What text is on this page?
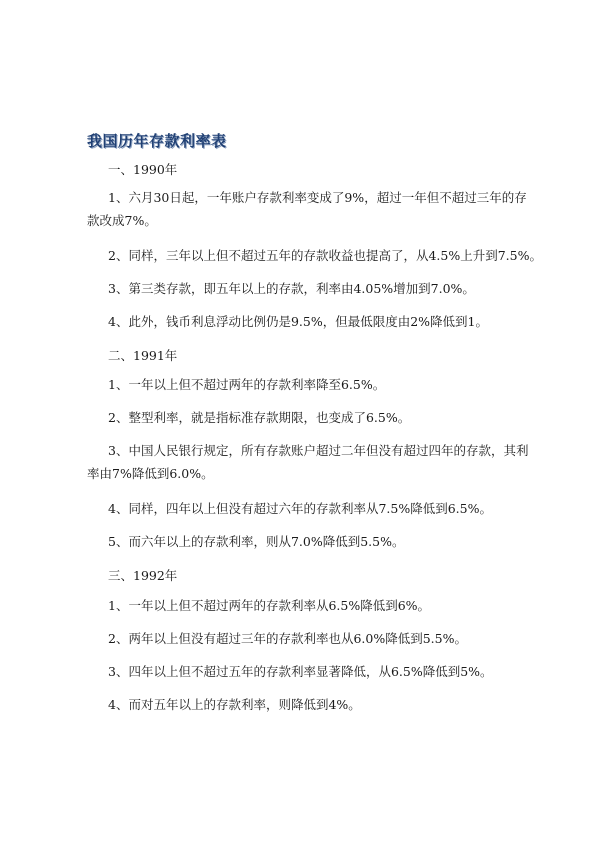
我国历年存款利率表

一、1990年

1、六月30日起，一年账户存款利率变成了9%，超过一年但不超过三年的存
款改成7%。
2、同样，三年以上但不超过五年的存款收益也提高了，从4.5%上升到7.5%。
3、第三类存款，即五年以上的存款，利率由4.05%增加到7.0%。
4、此外，钱币利息浮动比例仍是9.5%，但最低限度由2%降低到1。

二、1991年

1、一年以上但不超过两年的存款利率降至6.5%。
2、整型利率，就是指标准存款期限，也变成了6.5%。
3、中国人民银行规定，所有存款账户超过二年但没有超过四年的存款，其利
率由7%降低到6.0%。
4、同样，四年以上但没有超过六年的存款利率从7.5%降低到6.5%。
5、而六年以上的存款利率，则从7.0%降低到5.5%。

三、1992年

1、一年以上但不超过两年的存款利率从6.5%降低到6%。
2、两年以上但没有超过三年的存款利率也从6.0%降低到5.5%。
3、四年以上但不超过五年的存款利率显著降低，从6.5%降低到5%。
4、而对五年以上的存款利率，则降低到4%。
